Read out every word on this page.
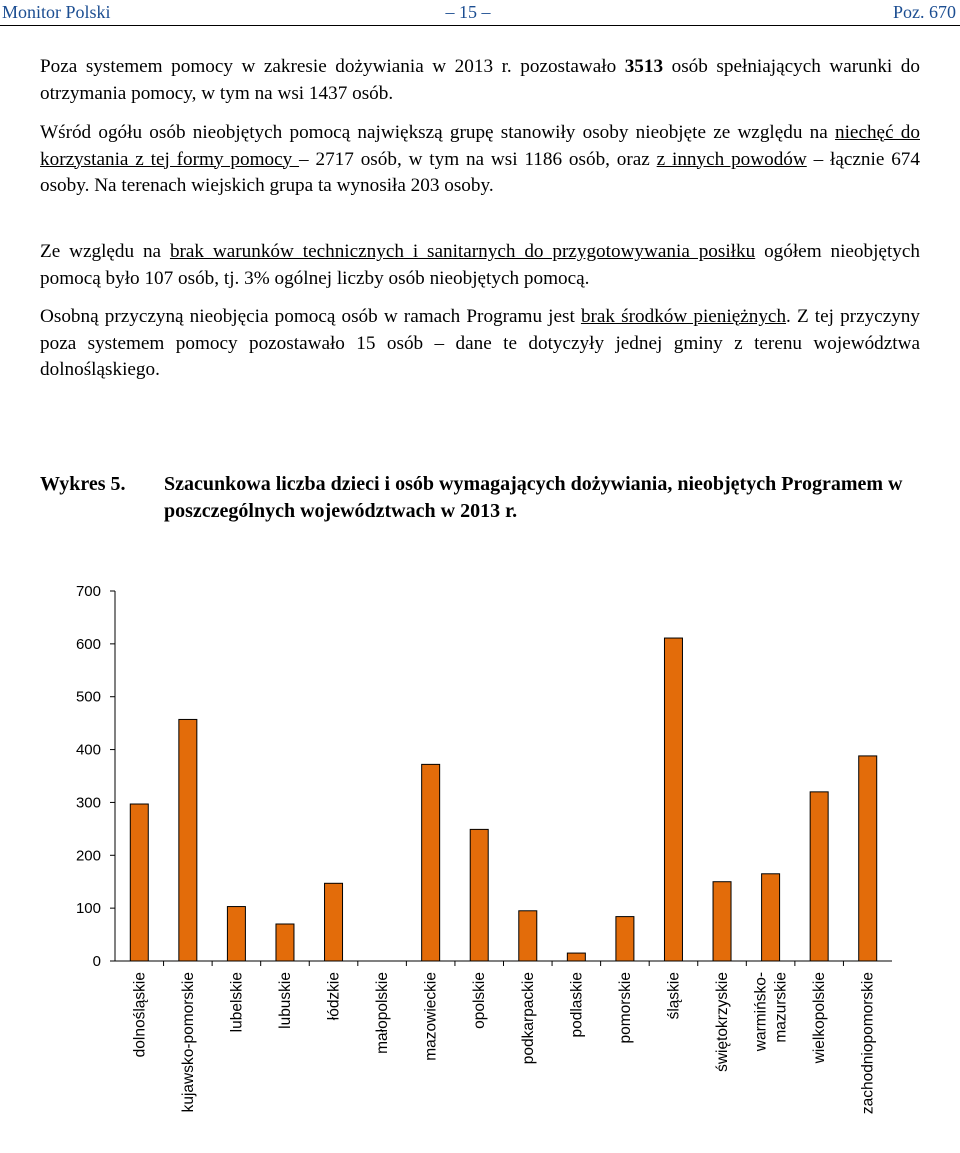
Monitor Polski	– 15 –	Poz. 670

Poza systemem pomocy w zakresie dożywiania w 2013 r. pozostawało 3513 osób spełniających warunki do otrzymania pomocy, w tym na wsi 1437 osób.

Wśród ogółu osób nieobjętych pomocą największą grupę stanowiły osoby nieobjęte ze względu na niechęć do korzystania z tej formy pomocy – 2717 osób, w tym na wsi 1186 osób, oraz z innych powodów – łącznie 674 osoby. Na terenach wiejskich grupa ta wynosiła 203 osoby.

Ze względu na brak warunków technicznych i sanitarnych do przygotowywania posiłku ogółem nieobjętych pomocą było 107 osób, tj. 3% ogólnej liczby osób nieobjętych pomocą.

Osobną przyczyną nieobjęcia pomocą osób w ramach Programu jest brak środków pieniężnych. Z tej przyczyny poza systemem pomocy pozostawało 15 osób – dane te dotyczyły jednej gminy z terenu województwa dolnośląskiego.

Wykres 5. Szacunkowa liczba dzieci i osób wymagających dożywiania, nieobjętych Programem w poszczególnych województwach w 2013 r.
0
100
200
300
400
500
600
700
dolnośląskie kujawsko-pomorskie lubelskie lubuskie łódzkie małopolskie mazowieckie opolskie podkarpackie podlaskie pomorskie śląskie świętokrzyskie warmińsko- mazurskie wielkopolskie zachodniopomorskie
